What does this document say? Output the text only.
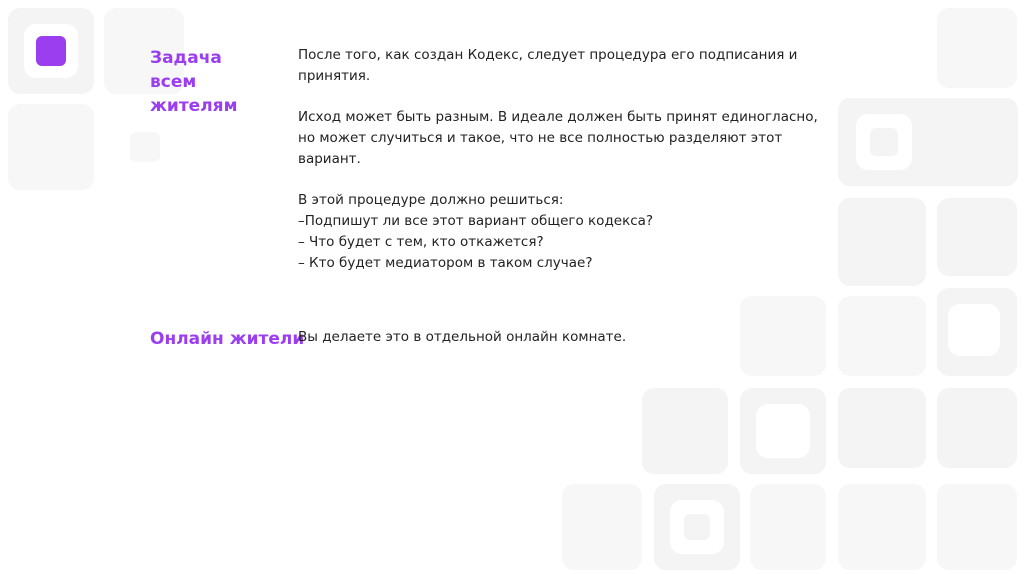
Задача всем жителям

После того, как создан Кодекс, следует процедура его подписания и принятия.

Исход может быть разным. В идеале должен быть принят единогласно, но может случиться и такое, что не все полностью разделяют этот вариант.

В этой процедуре должно решиться:
–Подпишут ли все этот вариант общего кодекса?
– Что будет с тем, кто откажется?
– Кто будет медиатором в таком случае?
Онлайн жители

Вы делаете это в отдельной онлайн комнате.
